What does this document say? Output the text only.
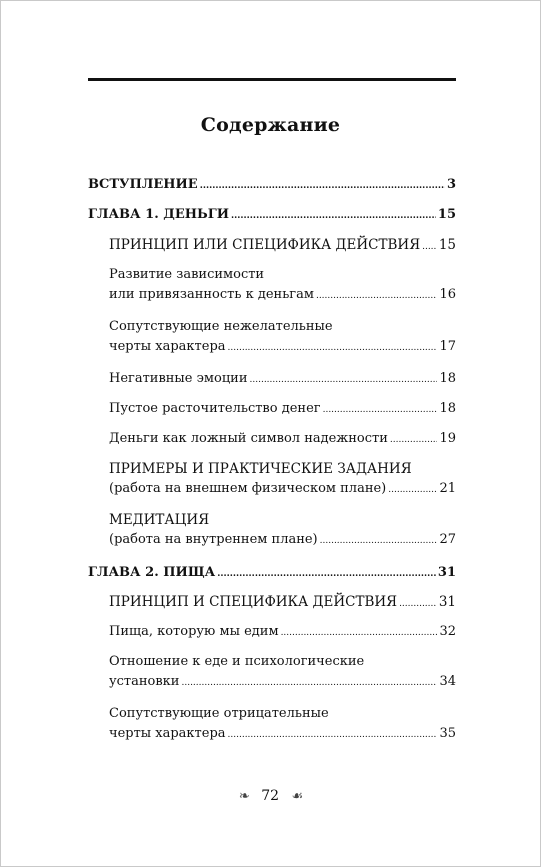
Содержание
ВСТУПЛЕНИЕ .....	3
ГЛАВА 1. ДЕНЬГИ .....	15
ПРИНЦИП ИЛИ СПЕЦИФИКА ДЕЙСТВИЯ ..... 15
Развитие зависимости
или привязанность к деньгам .....	16
Сопутствующие нежелательные
черты характера .....	17
Негативные эмоции .....	18
Пустое расточительство денег .....	18
Деньги как ложный символ надежности .....	19
ПРИМЕРЫ И ПРАКТИЧЕСКИЕ ЗАДАНИЯ
(работа на внешнем физическом плане) .....	21
МЕДИТАЦИЯ
(работа на внутреннем плане) .....	27
ГЛАВА 2. ПИЩА .....	31
ПРИНЦИП И СПЕЦИФИКА ДЕЙСТВИЯ .....	31
Пища, которую мы едим .....	32
Отношение к еде и психологические
установки .....	34
Сопутствующие отрицательные
черты характера .....	35
❧ 72 ☙
